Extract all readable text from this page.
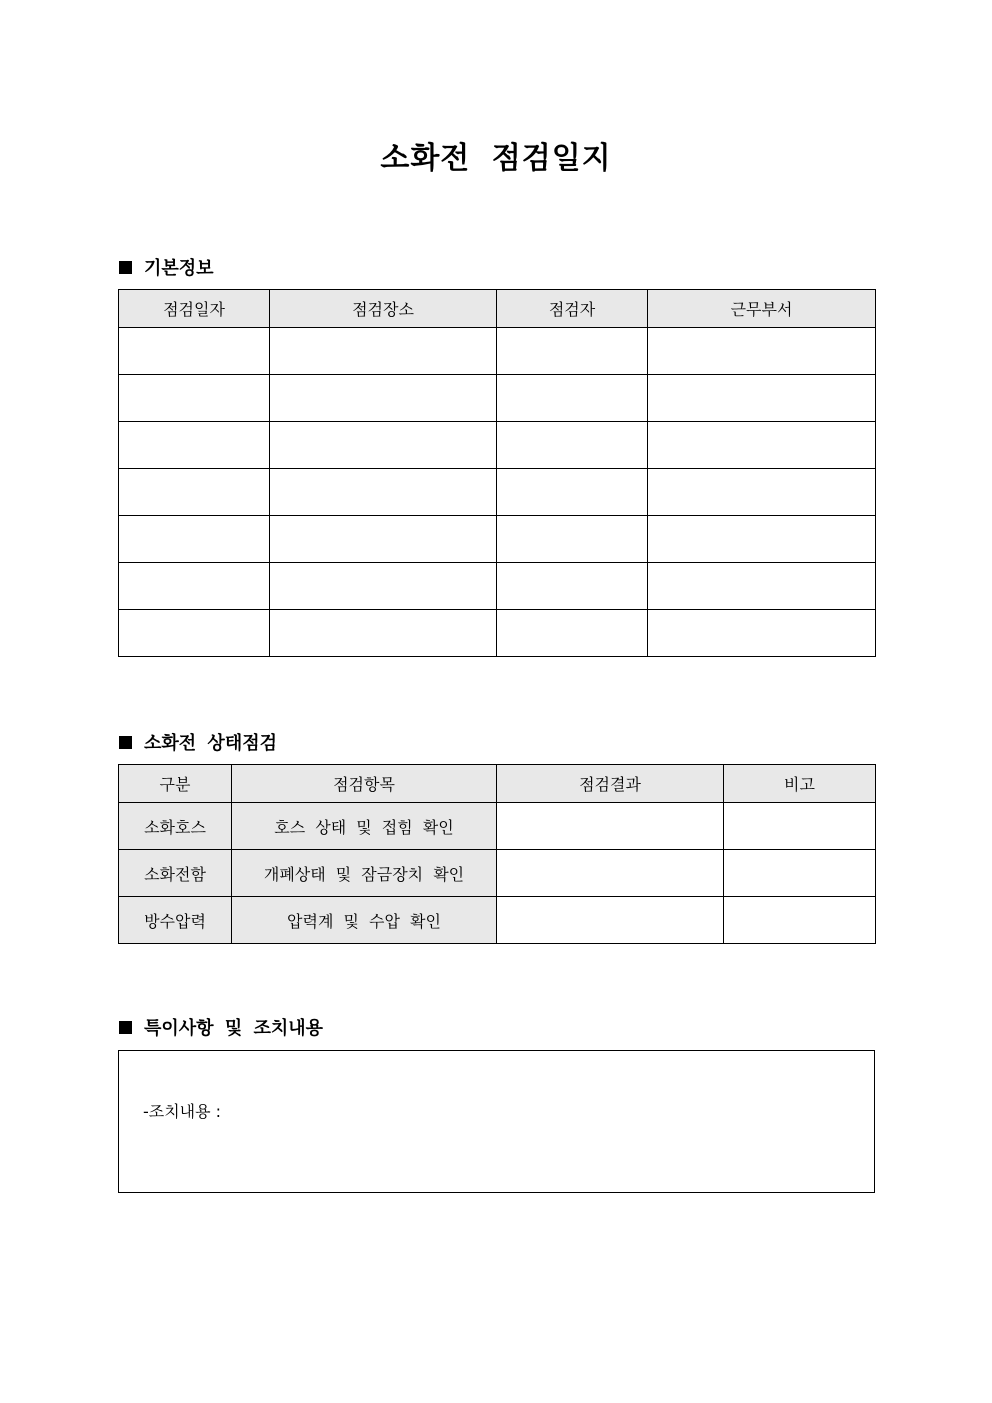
소화전 점검일지
기본정보
점검일자	점검장소	점검자	근무부서

소화전 상태점검
구분	점검항목	점검결과	비고
소화호스	호스 상태 및 접힘 확인		
소화전함	개폐상태 및 잠금장치 확인		
방수압력	압력계 및 수압 확인		
특이사항 및 조치내용
-조치내용 :
